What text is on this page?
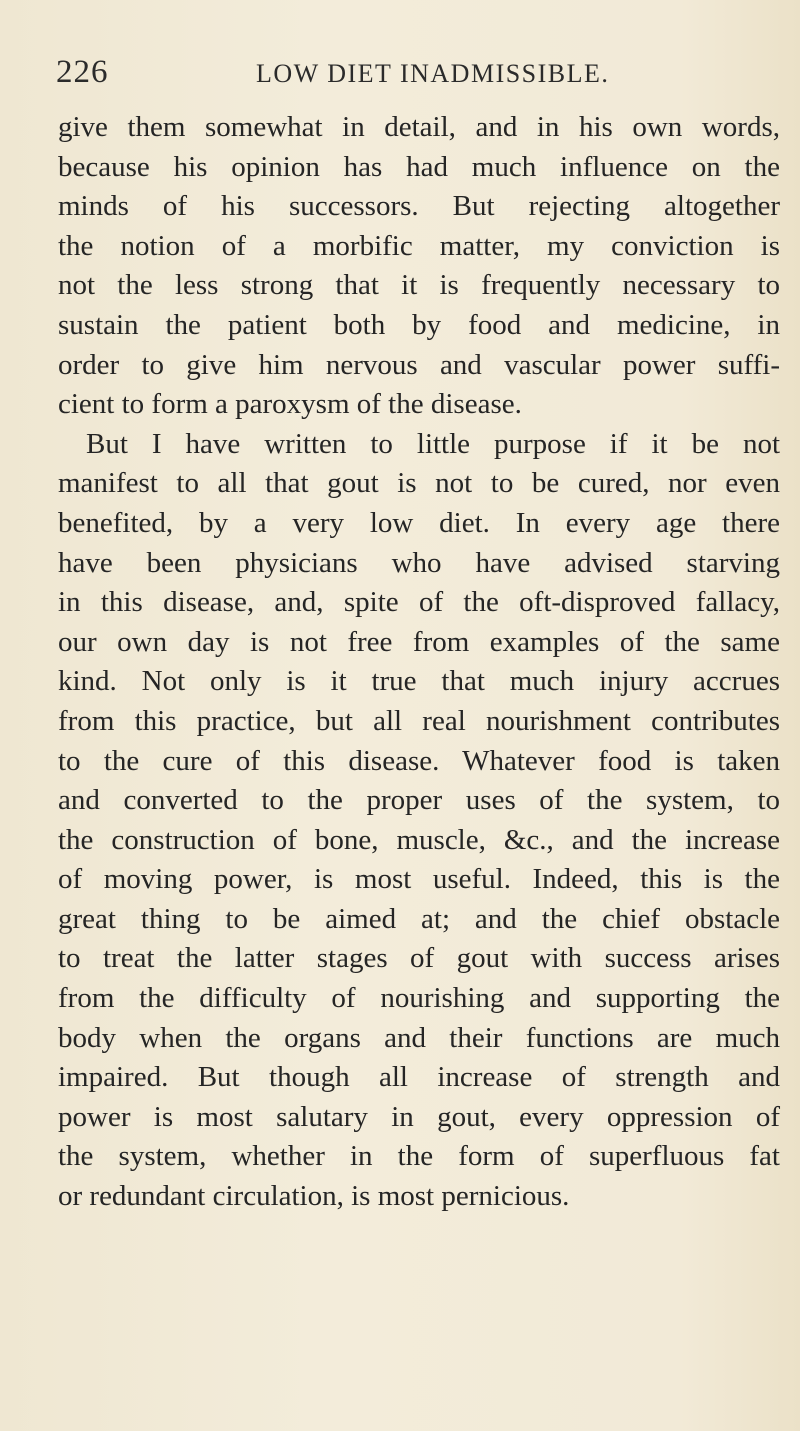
226	LOW DIET INADMISSIBLE.
give them somewhat in detail, and in his own words,
because his opinion has had much influence on the
minds of his successors. But rejecting altogether
the notion of a morbific matter, my conviction is
not the less strong that it is frequently necessary to
sustain the patient both by food and medicine, in
order to give him nervous and vascular power suffi-
cient to form a paroxysm of the disease.
But I have written to little purpose if it be not
manifest to all that gout is not to be cured, nor even
benefited, by a very low diet. In every age there
have been physicians who have advised starving
in this disease, and, spite of the oft-disproved fallacy,
our own day is not free from examples of the same
kind. Not only is it true that much injury accrues
from this practice, but all real nourishment contributes
to the cure of this disease. Whatever food is taken
and converted to the proper uses of the system, to
the construction of bone, muscle, &c., and the increase
of moving power, is most useful. Indeed, this is the
great thing to be aimed at; and the chief obstacle
to treat the latter stages of gout with success arises
from the difficulty of nourishing and supporting the
body when the organs and their functions are much
impaired. But though all increase of strength and
power is most salutary in gout, every oppression of
the system, whether in the form of superfluous fat
or redundant circulation, is most pernicious.
